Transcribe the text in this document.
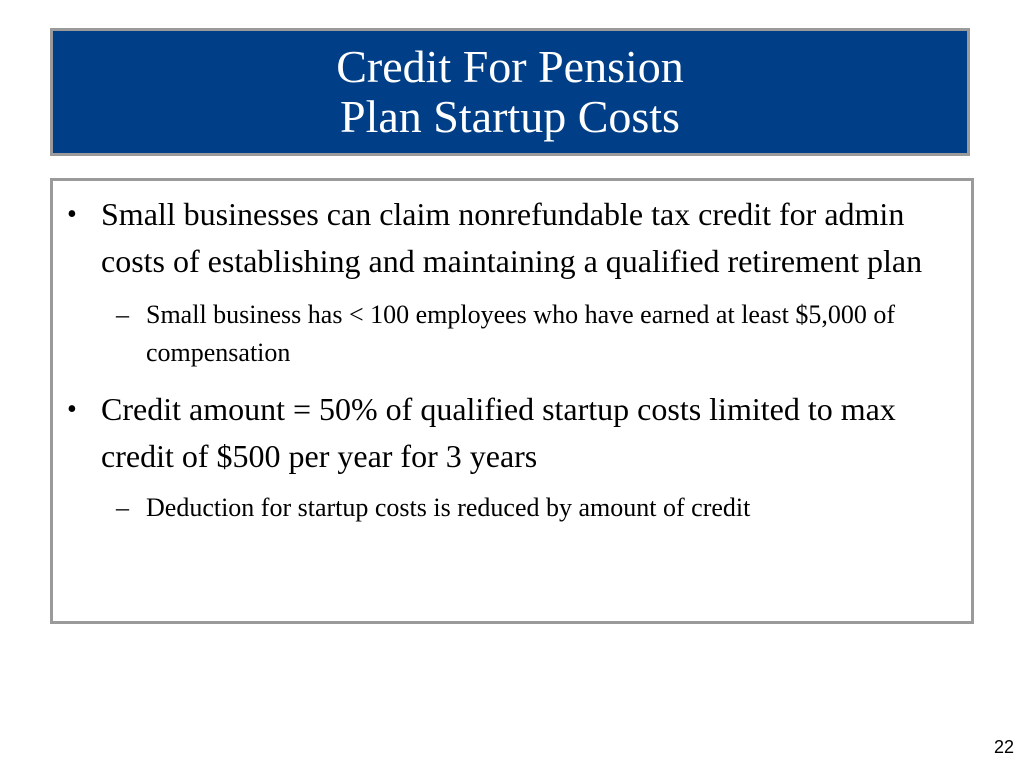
Credit For Pension
Plan Startup Costs
• Small businesses can claim nonrefundable tax credit for admin costs of establishing and maintaining a qualified retirement plan
– Small business has < 100 employees who have earned at least $5,000 of compensation
• Credit amount = 50% of qualified startup costs limited to max credit of $500 per year for 3 years
– Deduction for startup costs is reduced by amount of credit
22
